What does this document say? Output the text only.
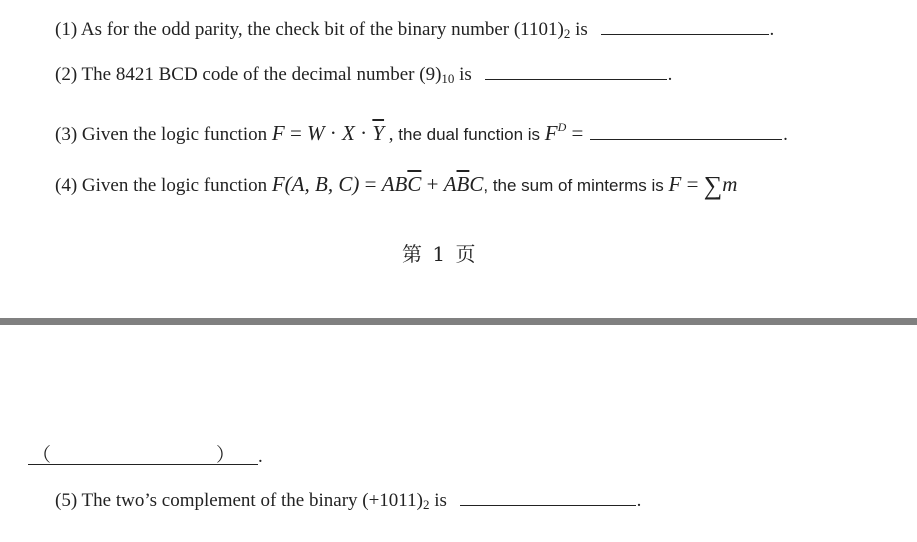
(1) As for the odd parity, the check bit of the binary number $(1101)_2$ is	.
(2) The 8421 BCD code of the decimal number $(9)_{10}$ is	.
(3) Given the logic function $F = W \cdot X \cdot \overline{Y}$ , the dual function is $F^D$ =	.
(4) Given the logic function F(A, B, $C) = AB\overline{C} + A\overline{B}C$, the sum of minterms is F = ∑m
第 1 页
（	） .
(5) The two’s complement of the binary $(+1011)_2$ is	.
